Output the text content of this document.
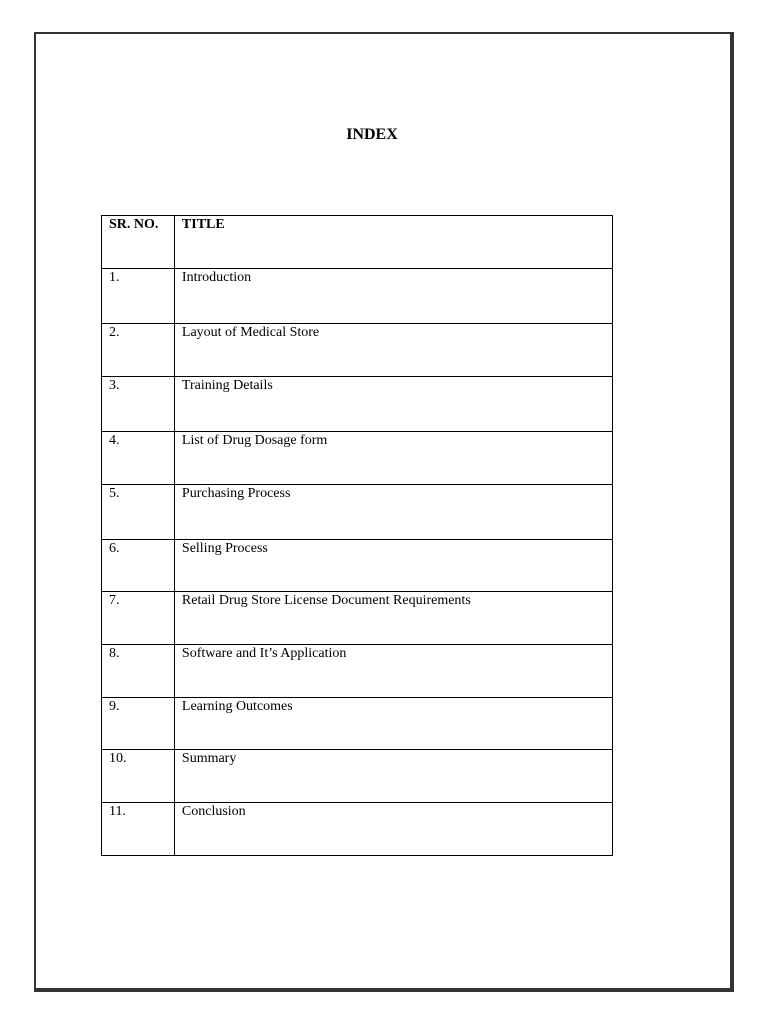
INDEX
SR. NO.	TITLE

1.	Introduction

2.	Layout of Medical Store

3.	Training Details

4.	List of Drug Dosage form

5.	Purchasing Process

6.	Selling Process

7.	Retail Drug Store License Document Requirements

8.	Software and It’s Application

9.	Learning Outcomes

10.	Summary

11.	Conclusion
